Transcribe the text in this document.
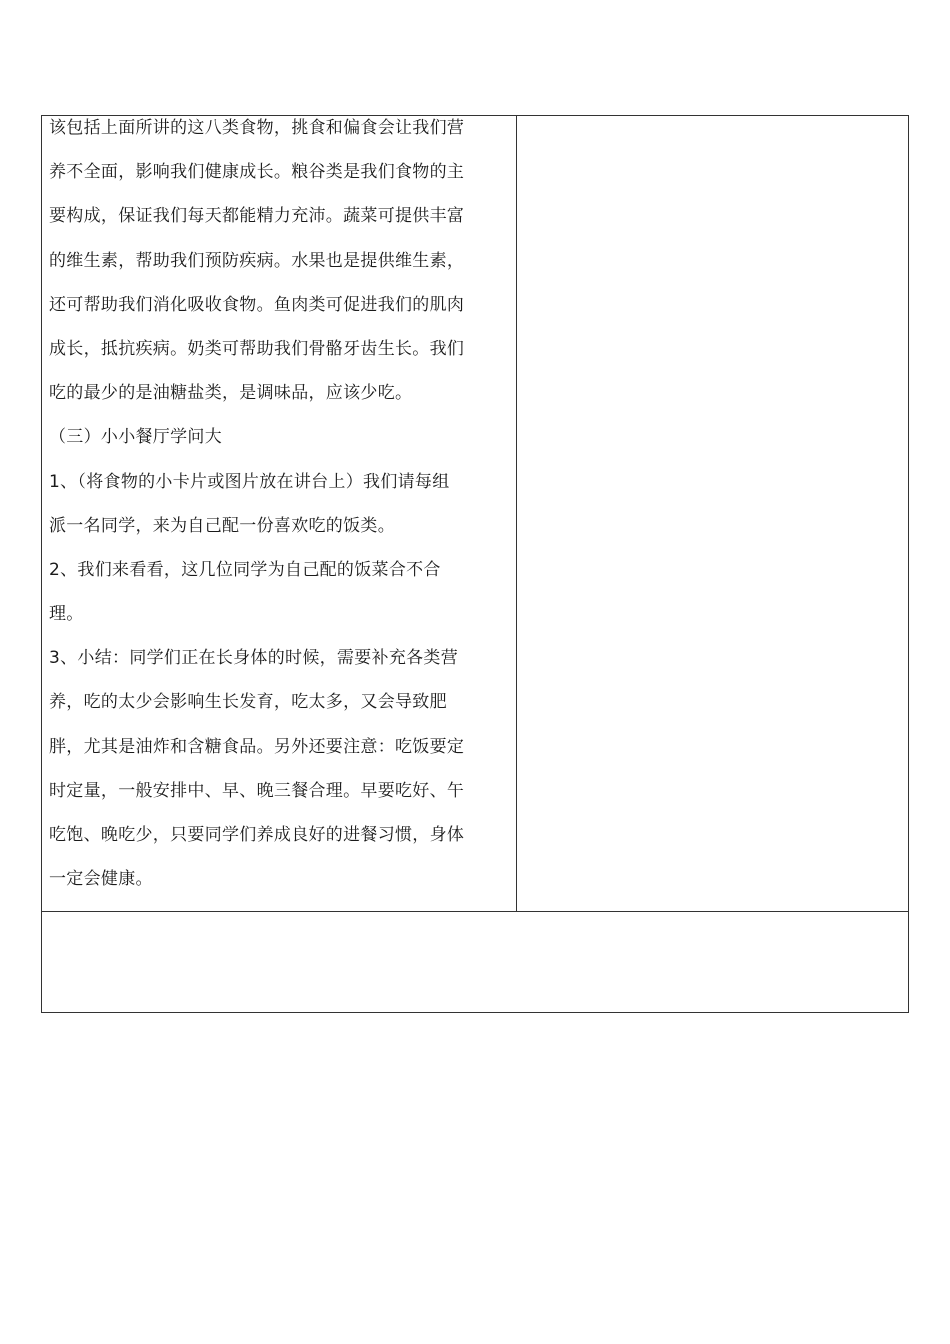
该包括上面所讲的这八类食物，挑食和偏食会让我们营
养不全面，影响我们健康成长。粮谷类是我们食物的主
要构成，保证我们每天都能精力充沛。蔬菜可提供丰富
的维生素，帮助我们预防疾病。水果也是提供维生素，
还可帮助我们消化吸收食物。鱼肉类可促进我们的肌肉
成长，抵抗疾病。奶类可帮助我们骨骼牙齿生长。我们
吃的最少的是油糖盐类，是调味品，应该少吃。
（三）小小餐厅学问大
1、（将食物的小卡片或图片放在讲台上）我们请每组
派一名同学，来为自己配一份喜欢吃的饭类。
2、我们来看看，这几位同学为自己配的饭菜合不合
理。
3、小结：同学们正在长身体的时候，需要补充各类营
养，吃的太少会影响生长发育，吃太多，又会导致肥
胖，尤其是油炸和含糖食品。另外还要注意：吃饭要定
时定量，一般安排中、早、晚三餐合理。早要吃好、午
吃饱、晚吃少，只要同学们养成良好的进餐习惯，身体
一定会健康。
